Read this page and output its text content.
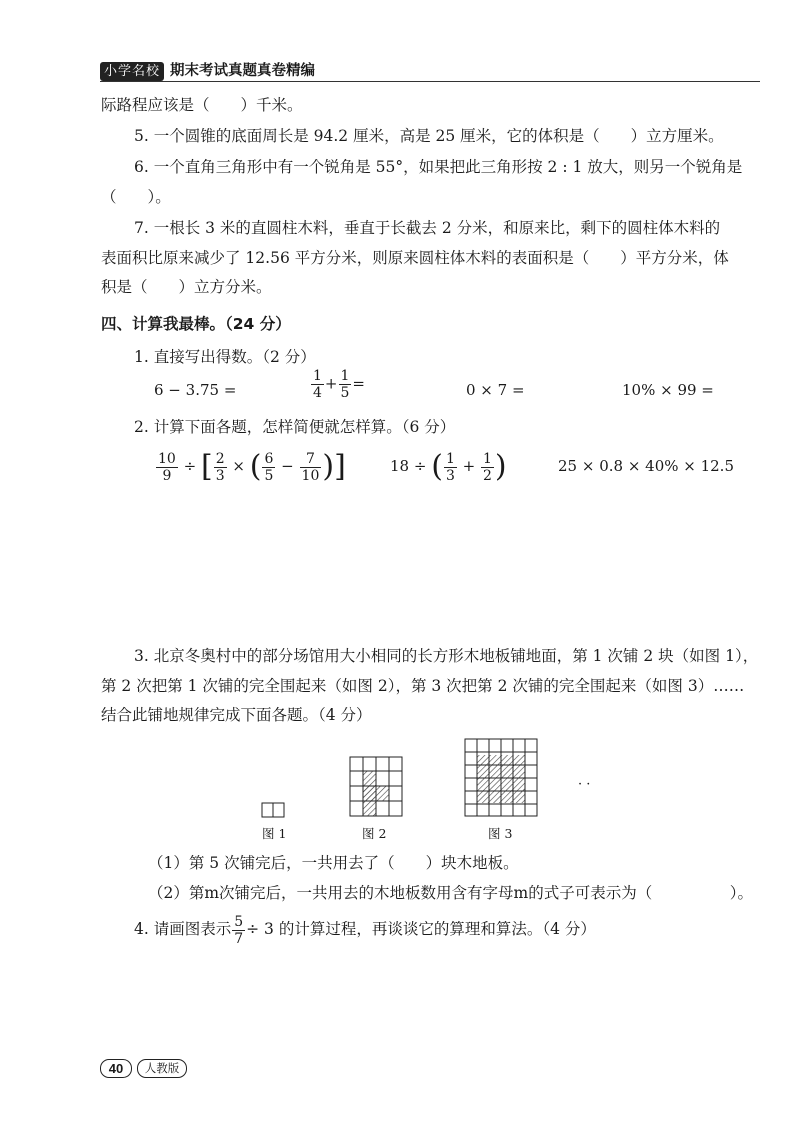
小学名校 期末考试真题真卷精编
际路程应该是（　　）千米。
5. 一个圆锥的底面周长是 94.2 厘米，高是 25 厘米，它的体积是（　　）立方厘米。
6. 一个直角三角形中有一个锐角是 55°，如果把此三角形按 2 : 1 放大，则另一个锐角是
（　　）。
7. 一根长 3 米的直圆柱木料，垂直于长截去 2 分米，和原来比，剩下的圆柱体木料的
表面积比原来减少了 12.56 平方分米，则原来圆柱体木料的表面积是（　　）平方分米，体
积是（　　）立方分米。
四、计算我最棒。（24 分）
1. 直接写出得数。（2 分）
6 − 3.75 =	$\frac{1}{4} + \frac{1}{5}$ =	0 × 7 =	10% × 99 =
2. 计算下面各题，怎样简便就怎样算。（6 分）
$\frac{10}{9}$ ÷ [ $\frac{2}{3}$ × ( $\frac{6}{5} - \frac{7}{10}$ )]	18 ÷ ( $\frac{1}{3} + \frac{1}{2}$ )	25 × 0.8 × 40% × 12.5
3. 北京冬奥村中的部分场馆用大小相同的长方形木地板铺地面，第 1 次铺 2 块（如图 1），
第 2 次把第 1 次铺的完全围起来（如图 2），第 3 次把第 2 次铺的完全围起来（如图 3）……
结合此铺地规律完成下面各题。（4 分）
图 1	图 2	图 3
· ·
（1）第 5 次铺完后，一共用去了（　　）块木地板。
（2）第m次铺完后，一共用去的木地板数用含有字母m的式子可表示为（　　　　　）。
4. 请画图表示 $\frac{5}{7} \div 3$ 的计算过程，再谈谈它的算理和算法。（4 分）
40	人教版
